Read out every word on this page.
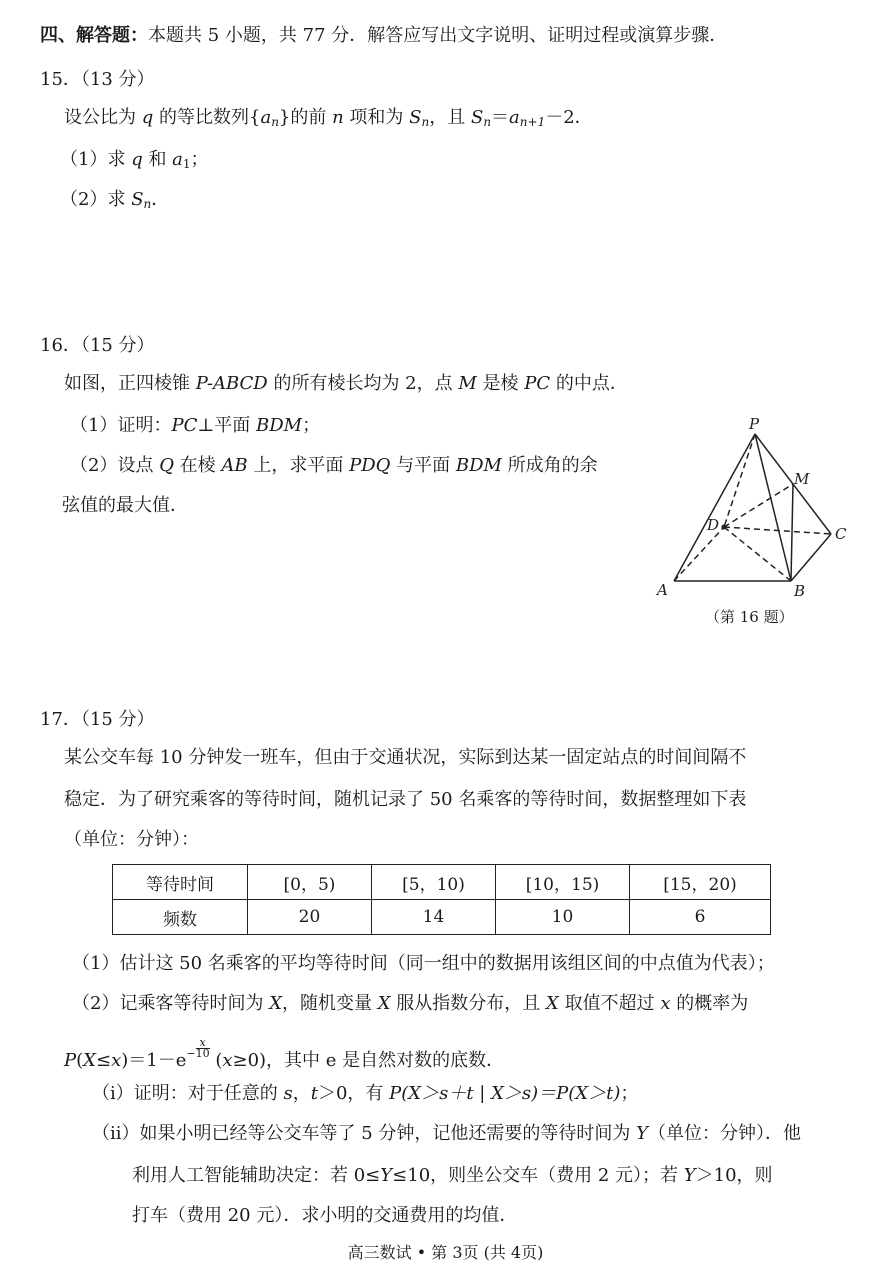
四、解答题：本题共 5 小题，共 77 分．解答应写出文字说明、证明过程或演算步骤．
15．（13 分）
设公比为 q 的等比数列$\{a_n\}$的前 n 项和为 $S_n$，且 $S_n=a_{n+1}-2$．
（1）求 q 和 $a_1$；
（2）求 $S_n$．
16．（15 分）
如图，正四棱锥 P-ABCD 的所有棱长均为 2，点 M 是棱 PC 的中点．
（1）证明：PC⊥平面 BDM；
（2）设点 Q 在棱 AB 上，求平面 PDQ 与平面 BDM 所成角的余
弦值的最大值．
P
M
D	C
A	B
（第 16 题）
17．（15 分）
某公交车每 10 分钟发一班车，但由于交通状况，实际到达某一固定站点的时间间隔不
稳定．为了研究乘客的等待时间，随机记录了 50 名乘客的等待时间，数据整理如下表
（单位：分钟）：
等待时间	[0，5)	[5，10)	[10，15)	[15，20)
频数	20	14	10	6
（1）估计这 50 名乘客的平均等待时间（同一组中的数据用该组区间的中点值为代表）；
（2）记乘客等待时间为 X，随机变量 X 服从指数分布，且 X 取值不超过 x 的概率为
$P(X\le x)=1-e- \frac{x}{10}$
(x≥0)，其中 e 是自然对数的底数．
（i）证明：对于任意的 s，t＞0，有 P(X＞s＋t | X＞s)＝P(X＞t)；
（ii）如果小明已经等公交车等了 5 分钟，记他还需要的等待时间为 Y（单位：分钟）．他
利用人工智能辅助决定：若 0≤Y≤10，则坐公交车（费用 2 元）；若 Y＞10，则
打车（费用 20 元）．求小明的交通费用的均值．
高三数试 • 第 3页 (共 4页)
